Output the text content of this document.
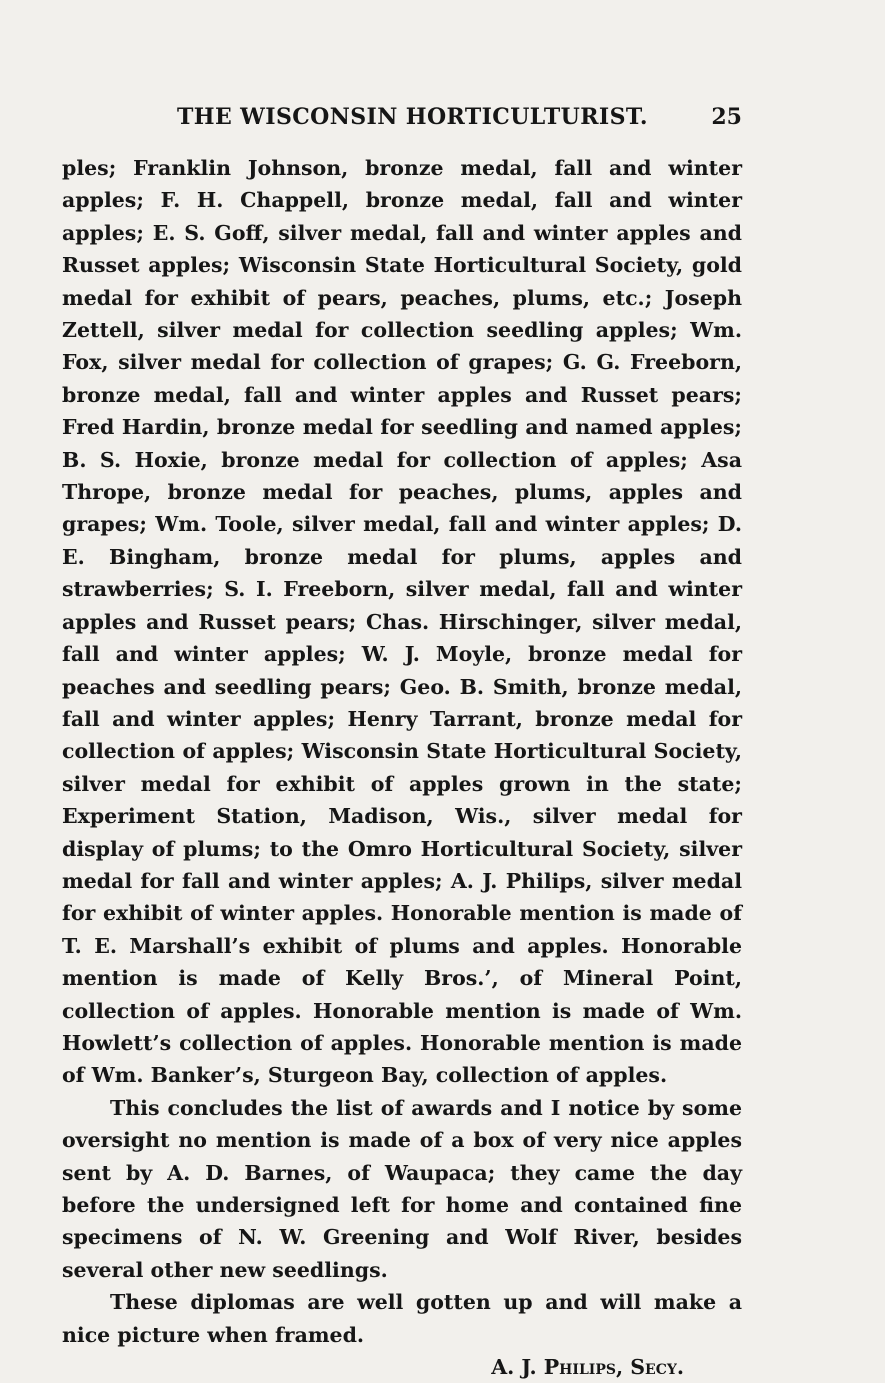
THE WISCONSIN HORTICULTURIST.	25

ples; Franklin Johnson, bronze medal, fall and winter apples; F. H. Chappell, bronze medal, fall and winter apples; E. S. Goff, silver medal, fall and winter apples and Russet apples; Wisconsin State Horticultural Society, gold medal for exhibit of pears, peaches, plums, etc.; Joseph Zettell, silver medal for collection seedling apples; Wm. Fox, silver medal for collection of grapes; G. G. Freeborn, bronze medal, fall and winter apples and Russet pears; Fred Hardin, bronze medal for seedling and named apples; B. S. Hoxie, bronze medal for collection of apples; Asa Thrope, bronze medal for peaches, plums, apples and grapes; Wm. Toole, silver medal, fall and winter apples; D. E. Bingham, bronze medal for plums, apples and strawberries; S. I. Freeborn, silver medal, fall and winter apples and Russet pears; Chas. Hirschinger, silver medal, fall and winter apples; W. J. Moyle, bronze medal for peaches and seedling pears; Geo. B. Smith, bronze medal, fall and winter apples; Henry Tarrant, bronze medal for collection of apples; Wisconsin State Horticultural Society, silver medal for exhibit of apples grown in the state; Experiment Station, Madison, Wis., silver medal for display of plums; to the Omro Horticultural Society, silver medal for fall and winter apples; A. J. Philips, silver medal for exhibit of winter apples. Honorable mention is made of T. E. Marshall’s exhibit of plums and apples. Honorable mention is made of Kelly Bros.’, of Mineral Point, collection of apples. Honorable mention is made of Wm. Howlett’s collection of apples. Honorable mention is made of Wm. Banker’s, Sturgeon Bay, collection of apples.

This concludes the list of awards and I notice by some oversight no mention is made of a box of very nice apples sent by A. D. Barnes, of Waupaca; they came the day before the undersigned left for home and contained fine specimens of N. W. Greening and Wolf River, besides several other new seedlings.

These diplomas are well gotten up and will make a nice picture when framed.

A. J. Philips, Secy.
